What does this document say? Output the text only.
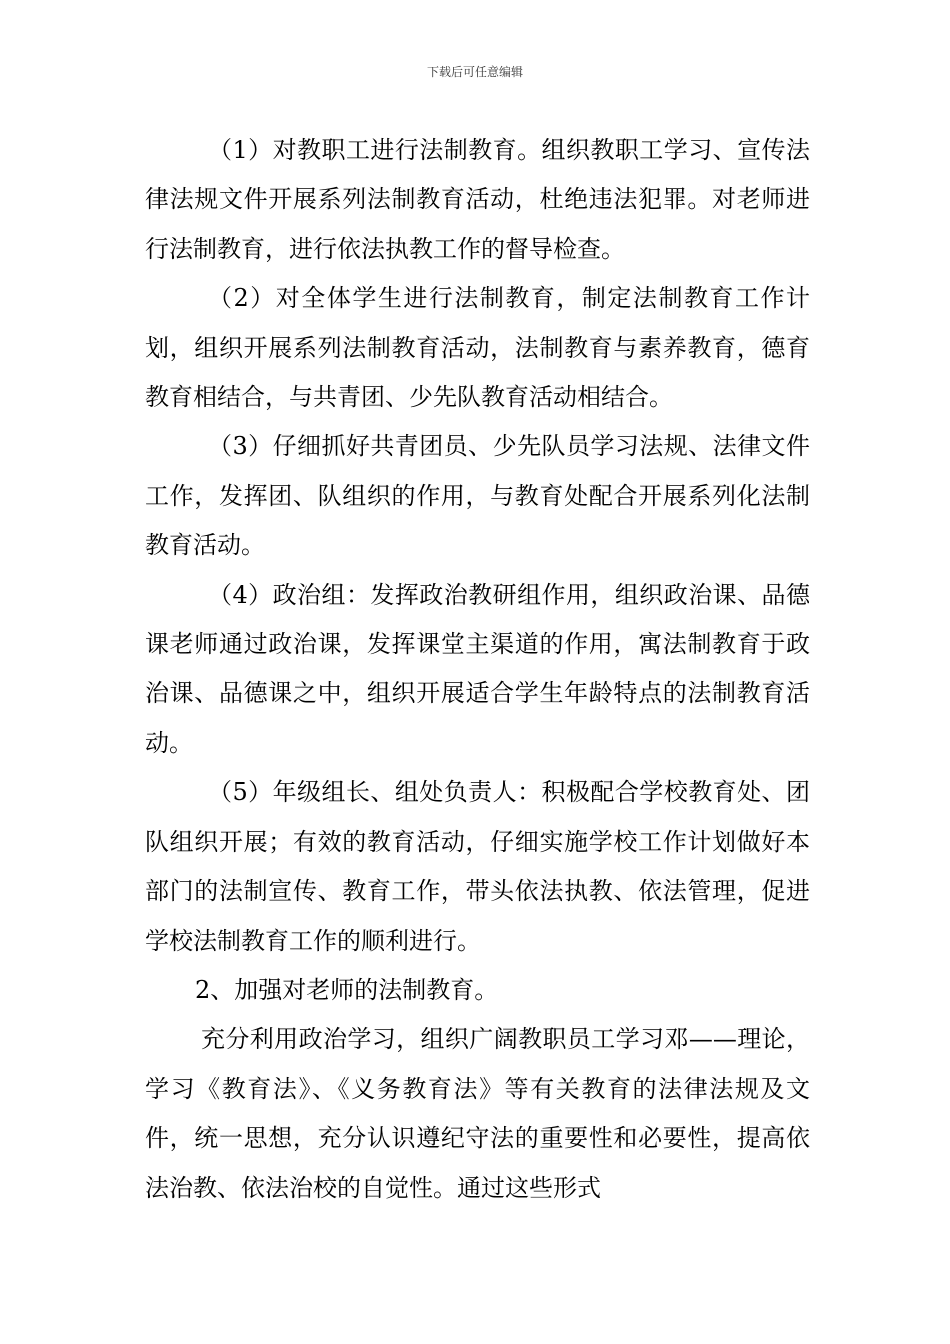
下载后可任意编辑

（1）对教职工进行法制教育。组织教职工学习、宣传法律法规文件开展系列法制教育活动，杜绝违法犯罪。对老师进行法制教育，进行依法执教工作的督导检查。

（2）对全体学生进行法制教育，制定法制教育工作计划，组织开展系列法制教育活动，法制教育与素养教育，德育教育相结合，与共青团、少先队教育活动相结合。

（3）仔细抓好共青团员、少先队员学习法规、法律文件工作，发挥团、队组织的作用，与教育处配合开展系列化法制教育活动。

（4）政治组：发挥政治教研组作用，组织政治课、品德课老师通过政治课，发挥课堂主渠道的作用，寓法制教育于政治课、品德课之中，组织开展适合学生年龄特点的法制教育活动。

（5）年级组长、组处负责人：积极配合学校教育处、团队组织开展；有效的教育活动，仔细实施学校工作计划做好本部门的法制宣传、教育工作，带头依法执教、依法管理，促进学校法制教育工作的顺利进行。

2、加强对老师的法制教育。

充分利用政治学习，组织广阔教职员工学习邓——理论，学习《教育法》、《义务教育法》等有关教育的法律法规及文件，统一思想，充分认识遵纪守法的重要性和必要性，提高依法治教、依法治校的自觉性。通过这些形式
